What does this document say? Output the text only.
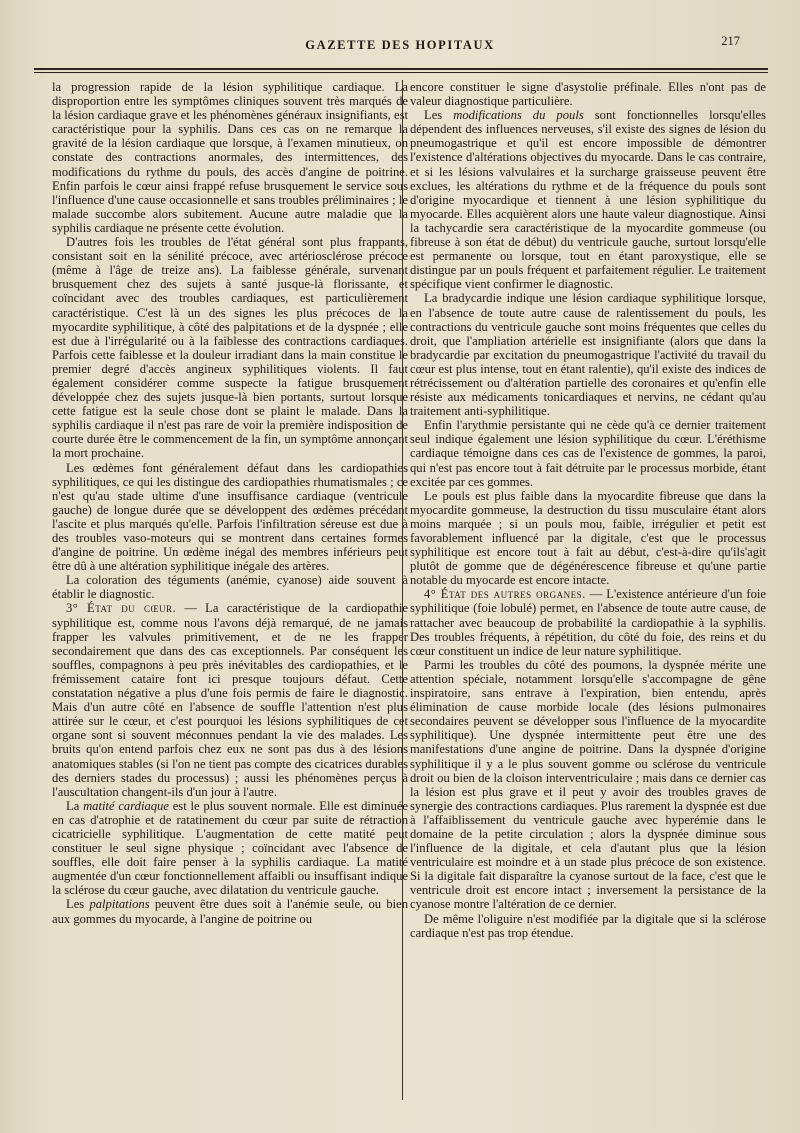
GAZETTE DES HOPITAUX	217

la progression rapide de la lésion syphilitique cardiaque. La disproportion entre les symptômes cliniques souvent très marqués de la lésion cardiaque grave et les phénomènes généraux insignifiants, est caractéristique pour la syphilis. Dans ces cas on ne remarque la gravité de la lésion cardiaque que lorsque, à l'examen minutieux, on constate des contractions anormales, des intermittences, des modifications du rythme du pouls, des accès d'angine de poitrine. Enfin parfois le cœur ainsi frappé refuse brusquement le service sous l'influence d'une cause occasionnelle et sans troubles préliminaires ; le malade succombe alors subitement. Aucune autre maladie que la syphilis cardiaque ne présente cette évolution.

D'autres fois les troubles de l'état général sont plus frappants, consistant soit en la sénilité précoce, avec artériosclérose précoce (même à l'âge de treize ans). La faiblesse générale, survenant brusquement chez des sujets à santé jusque-là florissante, et coïncidant avec des troubles cardiaques, est particulièrement caractéristique. C'est là un des signes les plus précoces de la myocardite syphilitique, à côté des palpitations et de la dyspnée ; elle est due à l'irrégularité ou à la faiblesse des contractions cardiaques. Parfois cette faiblesse et la douleur irradiant dans la main constitue le premier degré d'accès angineux syphilitiques violents. Il faut également considérer comme suspecte la fatigue brusquement développée chez des sujets jusque-là bien portants, surtout lorsque cette fatigue est la seule chose dont se plaint le malade. Dans la syphilis cardiaque il n'est pas rare de voir la première indisposition de courte durée être le commencement de la fin, un symptôme annonçant la mort prochaine.

Les œdèmes font généralement défaut dans les cardiopathies syphilitiques, ce qui les distingue des cardiopathies rhumatismales ; ce n'est qu'au stade ultime d'une insuffisance cardiaque (ventricule gauche) de longue durée que se développent des œdèmes précédant l'ascite et plus marqués qu'elle. Parfois l'infiltration séreuse est due à des troubles vaso-moteurs qui se montrent dans certaines formes d'angine de poitrine. Un œdème inégal des membres inférieurs peut être dû à une altération syphilitique inégale des artères.

La coloration des téguments (anémie, cyanose) aide souvent à établir le diagnostic.

3° État du cœur. — La caractéristique de la cardiopathie syphilitique est, comme nous l'avons déjà remarqué, de ne jamais frapper les valvules primitivement, et de ne les frapper secondairement que dans des cas exceptionnels. Par conséquent les souffles, compagnons à peu près inévitables des cardiopathies, et le frémissement cataire font ici presque toujours défaut. Cette constatation négative a plus d'une fois permis de faire le diagnostic. Mais d'un autre côté en l'absence de souffle l'attention n'est plus attirée sur le cœur, et c'est pourquoi les lésions syphilitiques de cet organe sont si souvent méconnues pendant la vie des malades. Les bruits qu'on entend parfois chez eux ne sont pas dus à des lésions anatomiques stables (si l'on ne tient pas compte des cicatrices durables des derniers stades du processus) ; aussi les phénomènes perçus à l'auscultation changent-ils d'un jour à l'autre.

La matité cardiaque est le plus souvent normale. Elle est diminuée en cas d'atrophie et de ratatinement du cœur par suite de rétraction cicatricielle syphilitique. L'augmentation de cette matité peut constituer le seul signe physique ; coïncidant avec l'absence de souffles, elle doit faire penser à la syphilis cardiaque. La matité augmentée d'un cœur fonctionnellement affaibli ou insuffisant indique la sclérose du cœur gauche, avec dilatation du ventricule gauche.

Les palpitations peuvent être dues soit à l'anémie seule, ou bien aux gommes du myocarde, à l'angine de poitrine ou

encore constituer le signe d'asystolie préfinale. Elles n'ont pas de valeur diagnostique particulière.

Les modifications du pouls sont fonctionnelles lorsqu'elles dépendent des influences nerveuses, s'il existe des signes de lésion du pneumogastrique et qu'il est encore impossible de démontrer l'existence d'altérations objectives du myocarde. Dans le cas contraire, et si les lésions valvulaires et la surcharge graisseuse peuvent être exclues, les altérations du rythme et de la fréquence du pouls sont d'origine myocardique et tiennent à une lésion syphilitique du myocarde. Elles acquièrent alors une haute valeur diagnostique. Ainsi la tachycardie sera caractéristique de la myocardite gommeuse (ou fibreuse à son état de début) du ventricule gauche, surtout lorsqu'elle est permanente ou lorsque, tout en étant paroxystique, elle se distingue par un pouls fréquent et parfaitement régulier. Le traitement spécifique vient confirmer le diagnostic.

La bradycardie indique une lésion cardiaque syphilitique lorsque, en l'absence de toute autre cause de ralentissement du pouls, les contractions du ventricule gauche sont moins fréquentes que celles du droit, que l'ampliation artérielle est insignifiante (alors que dans la bradycardie par excitation du pneumogastrique l'activité du travail du cœur est plus intense, tout en étant ralentie), qu'il existe des indices de rétrécissement ou d'altération partielle des coronaires et qu'enfin elle résiste aux médicaments tonicardiaques et nervins, ne cédant qu'au traitement anti-syphilitique.

Enfin l'arythmie persistante qui ne cède qu'à ce dernier traitement seul indique également une lésion syphilitique du cœur. L'éréthisme cardiaque témoigne dans ces cas de l'existence de gommes, la paroi, qui n'est pas encore tout à fait détruite par le processus morbide, étant excitée par ces gommes.

Le pouls est plus faible dans la myocardite fibreuse que dans la myocardite gommeuse, la destruction du tissu musculaire étant alors moins marquée ; si un pouls mou, faible, irrégulier et petit est favorablement influencé par la digitale, c'est que le processus syphilitique est encore tout à fait au début, c'est-à-dire qu'ils'agit plutôt de gomme que de dégénérescence fibreuse et qu'une partie notable du myocarde est encore intacte.

4° État des autres organes. — L'existence antérieure d'un foie syphilitique (foie lobulé) permet, en l'absence de toute autre cause, de rattacher avec beaucoup de probabilité la cardiopathie à la syphilis. Des troubles fréquents, à répétition, du côté du foie, des reins et du cœur constituent un indice de leur nature syphilitique.

Parmi les troubles du côté des poumons, la dyspnée mérite une attention spéciale, notamment lorsqu'elle s'accompagne de gêne inspiratoire, sans entrave à l'expiration, bien entendu, après élimination de cause morbide locale (des lésions pulmonaires secondaires peuvent se développer sous l'influence de la myocardite syphilitique). Une dyspnée intermittente peut être une des manifestations d'une angine de poitrine. Dans la dyspnée d'origine syphilitique il y a le plus souvent gomme ou sclérose du ventricule droit ou bien de la cloison interventriculaire ; mais dans ce dernier cas la lésion est plus grave et il peut y avoir des troubles graves de synergie des contractions cardiaques. Plus rarement la dyspnée est due à l'affaiblissement du ventricule gauche avec hyperémie dans le domaine de la petite circulation ; alors la dyspnée diminue sous l'influence de la digitale, et cela d'autant plus que la lésion ventriculaire est moindre et à un stade plus précoce de son existence. Si la digitale fait disparaître la cyanose surtout de la face, c'est que le ventricule droit est encore intact ; inversement la persistance de la cyanose montre l'altération de ce dernier.

De même l'oliguire n'est modifiée par la digitale que si la sclérose cardiaque n'est pas trop étendue.
